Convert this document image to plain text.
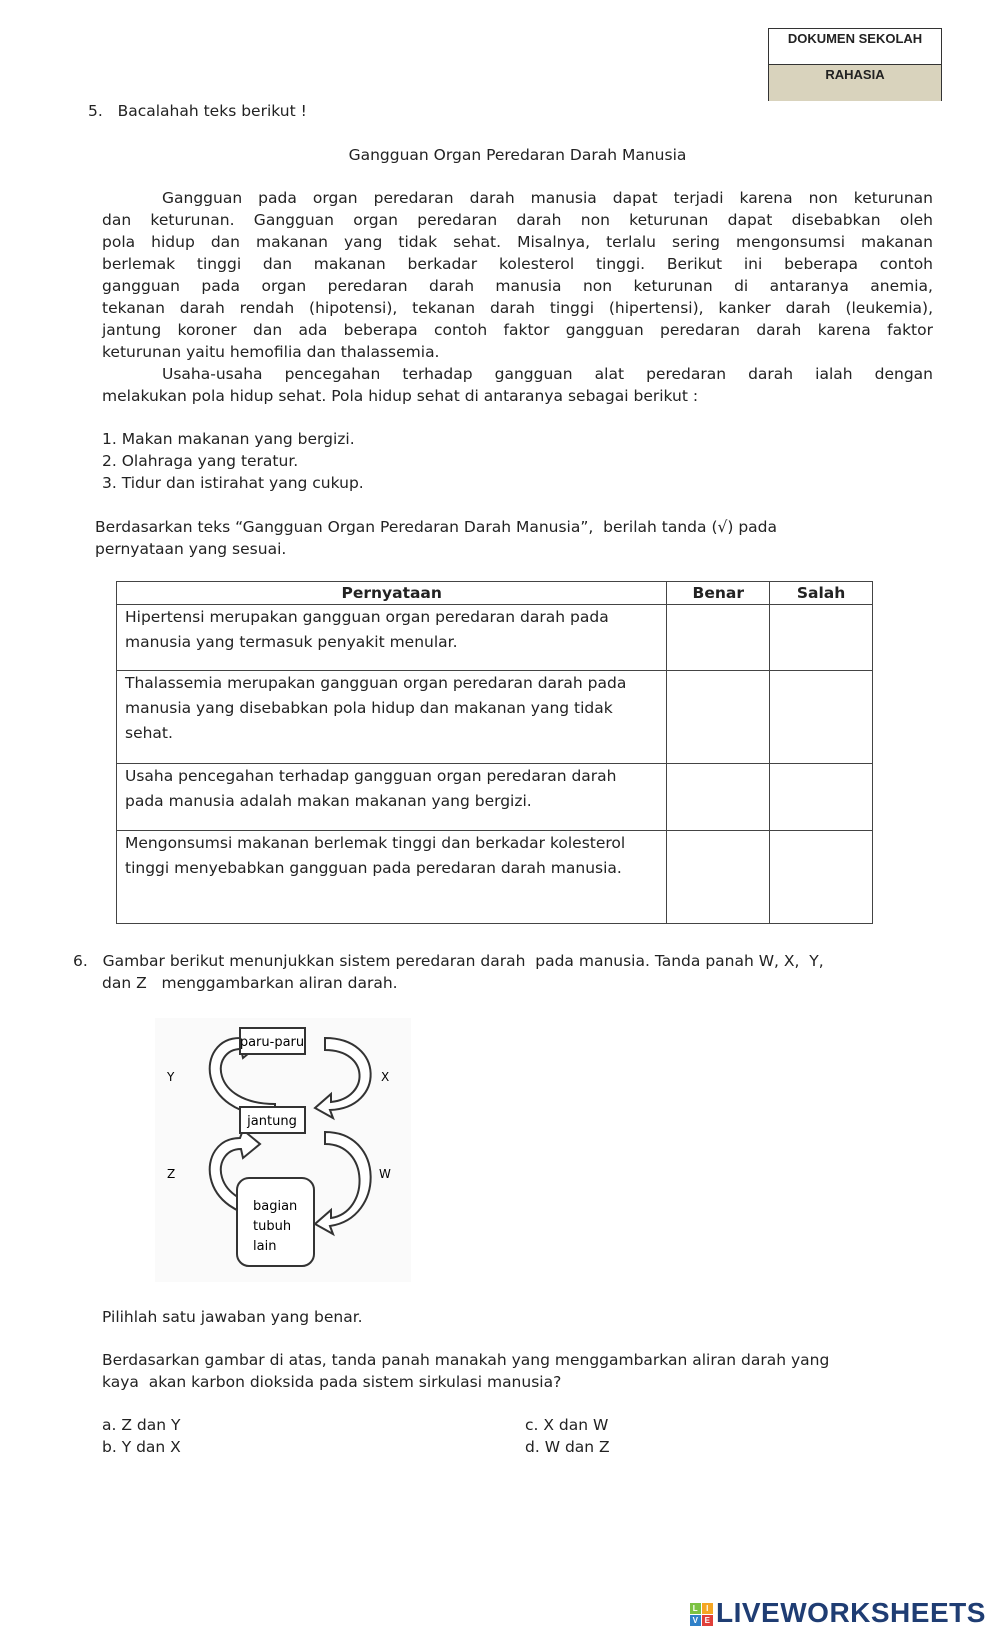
DOKUMEN SEKOLAH
RAHASIA
5.   Bacalahah teks berikut !
Gangguan Organ Peredaran Darah Manusia
Gangguan pada organ peredaran darah manusia dapat terjadi karena non keturunan
dan keturunan. Gangguan organ peredaran darah non keturunan dapat disebabkan oleh
pola hidup dan makanan yang tidak sehat. Misalnya, terlalu sering mengonsumsi makanan
berlemak tinggi dan makanan berkadar kolesterol tinggi. Berikut ini beberapa contoh
gangguan pada organ peredaran darah manusia non keturunan di antaranya anemia,
tekanan darah rendah (hipotensi), tekanan darah tinggi (hipertensi), kanker darah (leukemia),
jantung koroner dan ada beberapa contoh faktor gangguan peredaran darah karena faktor
keturunan yaitu hemofilia dan thalassemia.
Usaha-usaha pencegahan terhadap gangguan alat peredaran darah ialah dengan
melakukan pola hidup sehat. Pola hidup sehat di antaranya sebagai berikut :
1. Makan makanan yang bergizi.
2. Olahraga yang teratur.
3. Tidur dan istirahat yang cukup.
Berdasarkan teks “Gangguan Organ Peredaran Darah Manusia”,  berilah tanda (√) pada
pernyataan yang sesuai.
Pernyataan	Benar	Salah
Hipertensi merupakan gangguan organ peredaran darah pada manusia yang termasuk penyakit menular.		
Thalassemia merupakan gangguan organ peredaran darah pada manusia yang disebabkan pola hidup dan makanan yang tidak sehat.		
Usaha pencegahan terhadap gangguan organ peredaran darah pada manusia adalah makan makanan yang bergizi.		
Mengonsumsi makanan berlemak tinggi dan berkadar kolesterol tinggi menyebabkan gangguan pada peredaran darah manusia.		
6.   Gambar berikut menunjukkan sistem peredaran darah  pada manusia. Tanda panah W, X,  Y,
dan Z   menggambarkan aliran darah.
paru-paru
jantung
bagian
tubuh
lain
Y	X
Z	W
Pilihlah satu jawaban yang benar.
Berdasarkan gambar di atas, tanda panah manakah yang menggambarkan aliran darah yang
kaya  akan karbon dioksida pada sistem sirkulasi manusia?
a. Z dan Y
b. Y dan X
c. X dan W
d. W dan Z
L I
V E LIVEWORKSHEETS
